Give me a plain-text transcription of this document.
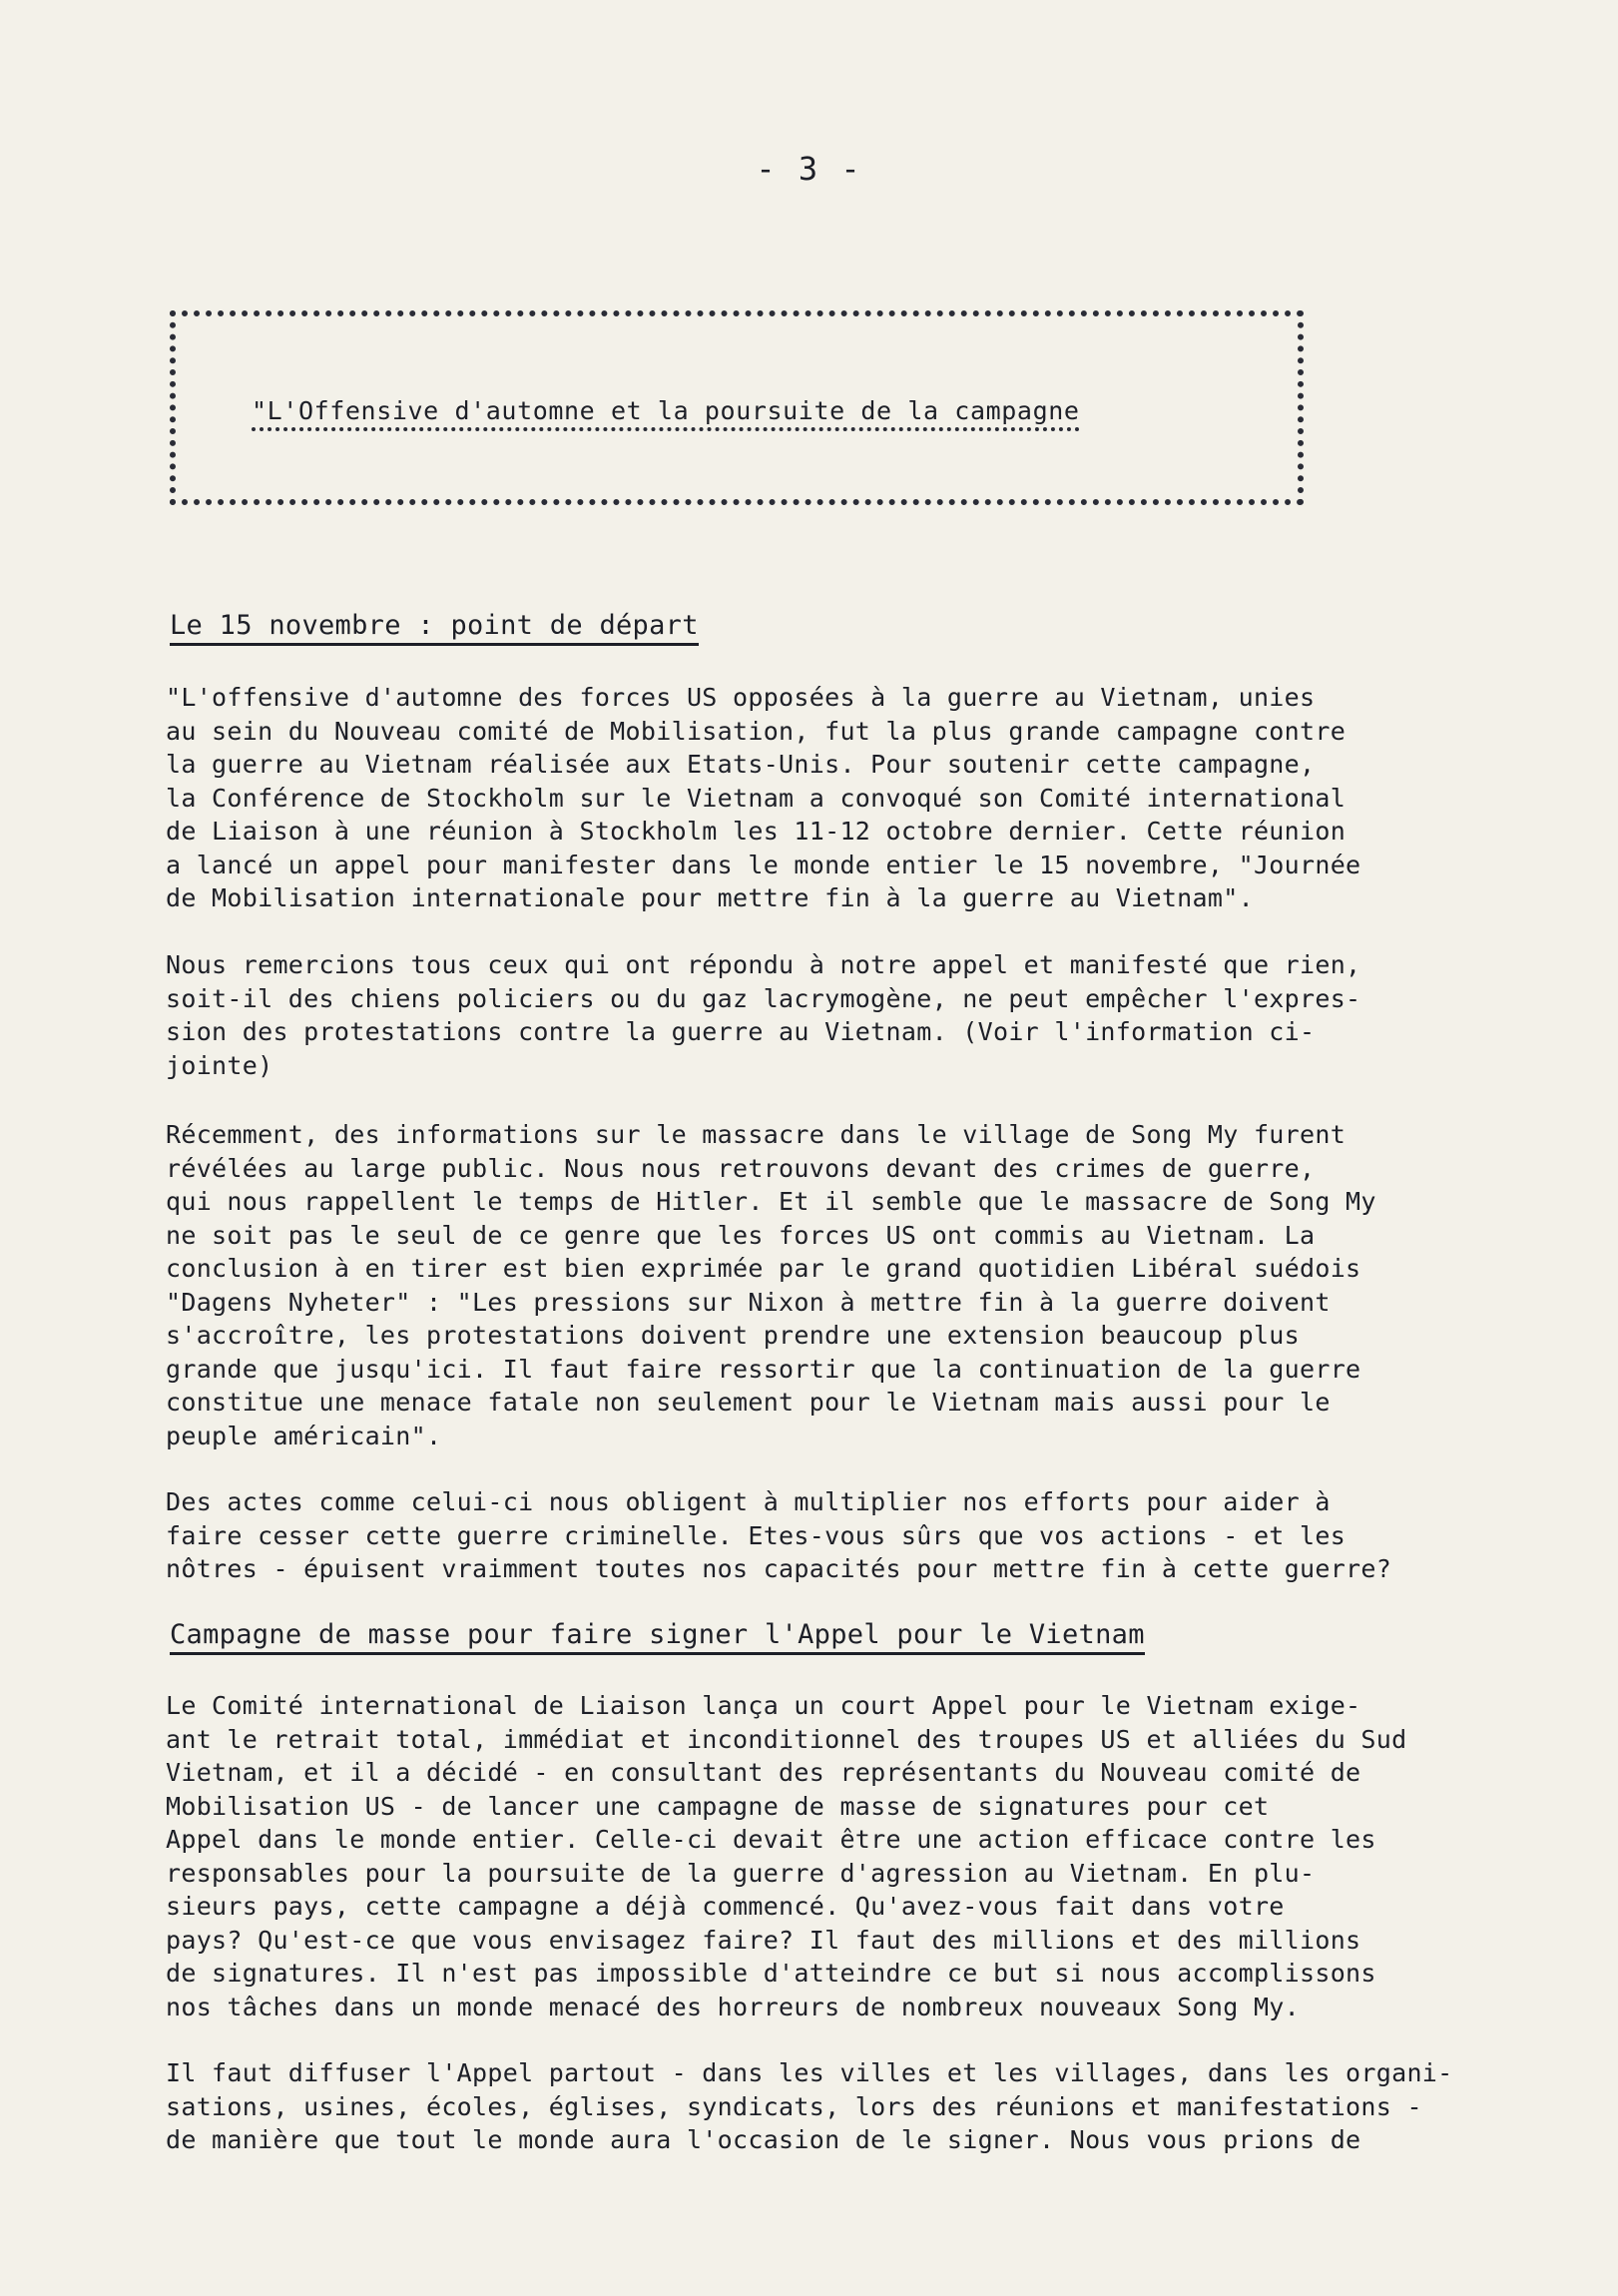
- 3 -
"L'Offensive d'automne et la poursuite de la campagne
Le 15 novembre : point de départ

"L'offensive d'automne des forces US opposées à la guerre au Vietnam, unies
au sein du Nouveau comité de Mobilisation, fut la plus grande campagne contre
la guerre au Vietnam réalisée aux Etats-Unis. Pour soutenir cette campagne,
la Conférence de Stockholm sur le Vietnam a convoqué son Comité international
de Liaison à une réunion à Stockholm les 11-12 octobre dernier. Cette réunion
a lancé un appel pour manifester dans le monde entier le 15 novembre, "Journée
de Mobilisation internationale pour mettre fin à la guerre au Vietnam".

Nous remercions tous ceux qui ont répondu à notre appel et manifesté que rien,
soit-il des chiens policiers ou du gaz lacrymogène, ne peut empêcher l'expres-
sion des protestations contre la guerre au Vietnam. (Voir l'information ci-
jointe)

Récemment, des informations sur le massacre dans le village de Song My furent
révélées au large public. Nous nous retrouvons devant des crimes de guerre,
qui nous rappellent le temps de Hitler. Et il semble que le massacre de Song My
ne soit pas le seul de ce genre que les forces US ont commis au Vietnam. La
conclusion à en tirer est bien exprimée par le grand quotidien Libéral suédois
"Dagens Nyheter" : "Les pressions sur Nixon à mettre fin à la guerre doivent
s'accroître, les protestations doivent prendre une extension beaucoup plus
grande que jusqu'ici. Il faut faire ressortir que la continuation de la guerre
constitue une menace fatale non seulement pour le Vietnam mais aussi pour le
peuple américain".

Des actes comme celui-ci nous obligent à multiplier nos efforts pour aider à
faire cesser cette guerre criminelle. Etes-vous sûrs que vos actions - et les
nôtres - épuisent vraimment toutes nos capacités pour mettre fin à cette guerre?

Campagne de masse pour faire signer l'Appel pour le Vietnam

Le Comité international de Liaison lança un court Appel pour le Vietnam exige-
ant le retrait total, immédiat et inconditionnel des troupes US et alliées du Sud
Vietnam, et il a décidé - en consultant des représentants du Nouveau comité de
Mobilisation US - de lancer une campagne de masse de signatures pour cet
Appel dans le monde entier. Celle-ci devait être une action efficace contre les
responsables pour la poursuite de la guerre d'agression au Vietnam. En plu-
sieurs pays, cette campagne a déjà commencé. Qu'avez-vous fait dans votre
pays? Qu'est-ce que vous envisagez faire? Il faut des millions et des millions
de signatures. Il n'est pas impossible d'atteindre ce but si nous accomplissons
nos tâches dans un monde menacé des horreurs de nombreux nouveaux Song My.

Il faut diffuser l'Appel partout - dans les villes et les villages, dans les organi-
sations, usines, écoles, églises, syndicats, lors des réunions et manifestations -
de manière que tout le monde aura l'occasion de le signer. Nous vous prions de
